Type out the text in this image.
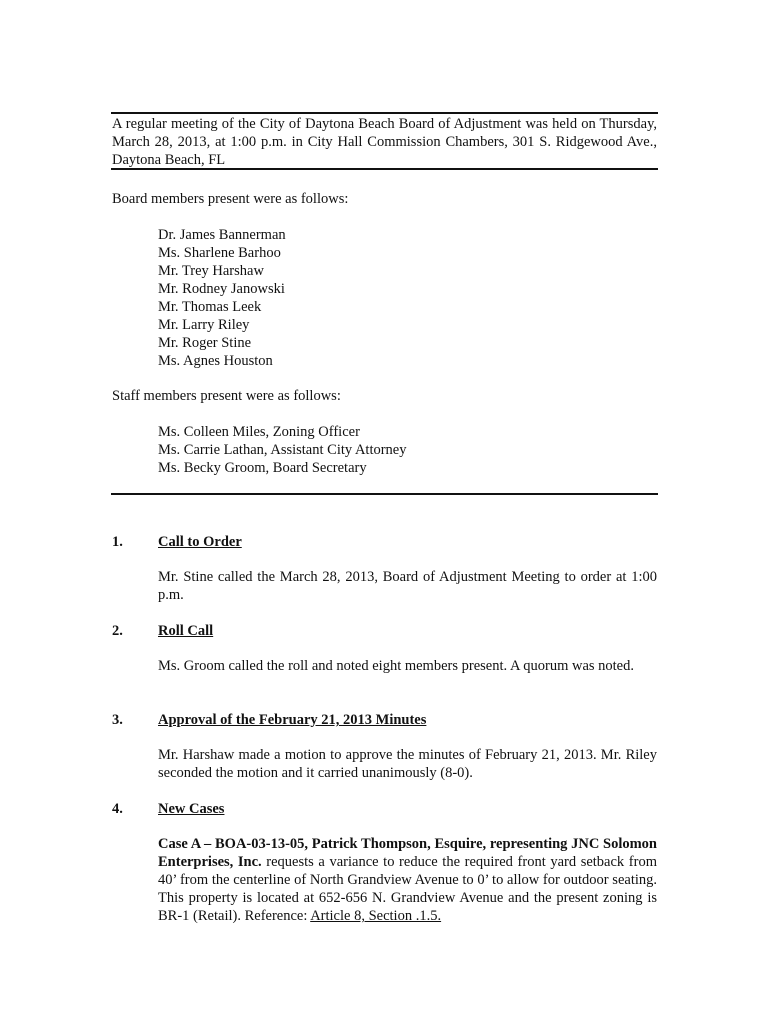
A regular meeting of the City of Daytona Beach Board of Adjustment was held on Thursday, March 28, 2013, at 1:00 p.m. in City Hall Commission Chambers, 301 S. Ridgewood Ave., Daytona Beach, FL
Board members present were as follows:
Dr. James Bannerman
Ms. Sharlene Barhoo
Mr. Trey Harshaw
Mr. Rodney Janowski
Mr. Thomas Leek
Mr. Larry Riley
Mr. Roger Stine
Ms. Agnes Houston
Staff members present were as follows:
Ms. Colleen Miles, Zoning Officer
Ms. Carrie Lathan, Assistant City Attorney
Ms. Becky Groom, Board Secretary
1. Call to Order
Mr. Stine called the March 28, 2013, Board of Adjustment Meeting to order at 1:00 p.m.
2. Roll Call
Ms. Groom called the roll and noted eight members present. A quorum was noted.
3. Approval of the February 21, 2013 Minutes
Mr. Harshaw made a motion to approve the minutes of February 21, 2013. Mr. Riley seconded the motion and it carried unanimously (8-0).
4. New Cases
Case A – BOA-03-13-05, Patrick Thompson, Esquire, representing JNC Solomon Enterprises, Inc. requests a variance to reduce the required front yard setback from 40’ from the centerline of North Grandview Avenue to 0’ to allow for outdoor seating. This property is located at 652-656 N. Grandview Avenue and the present zoning is BR-1 (Retail). Reference: Article 8, Section .1.5.
